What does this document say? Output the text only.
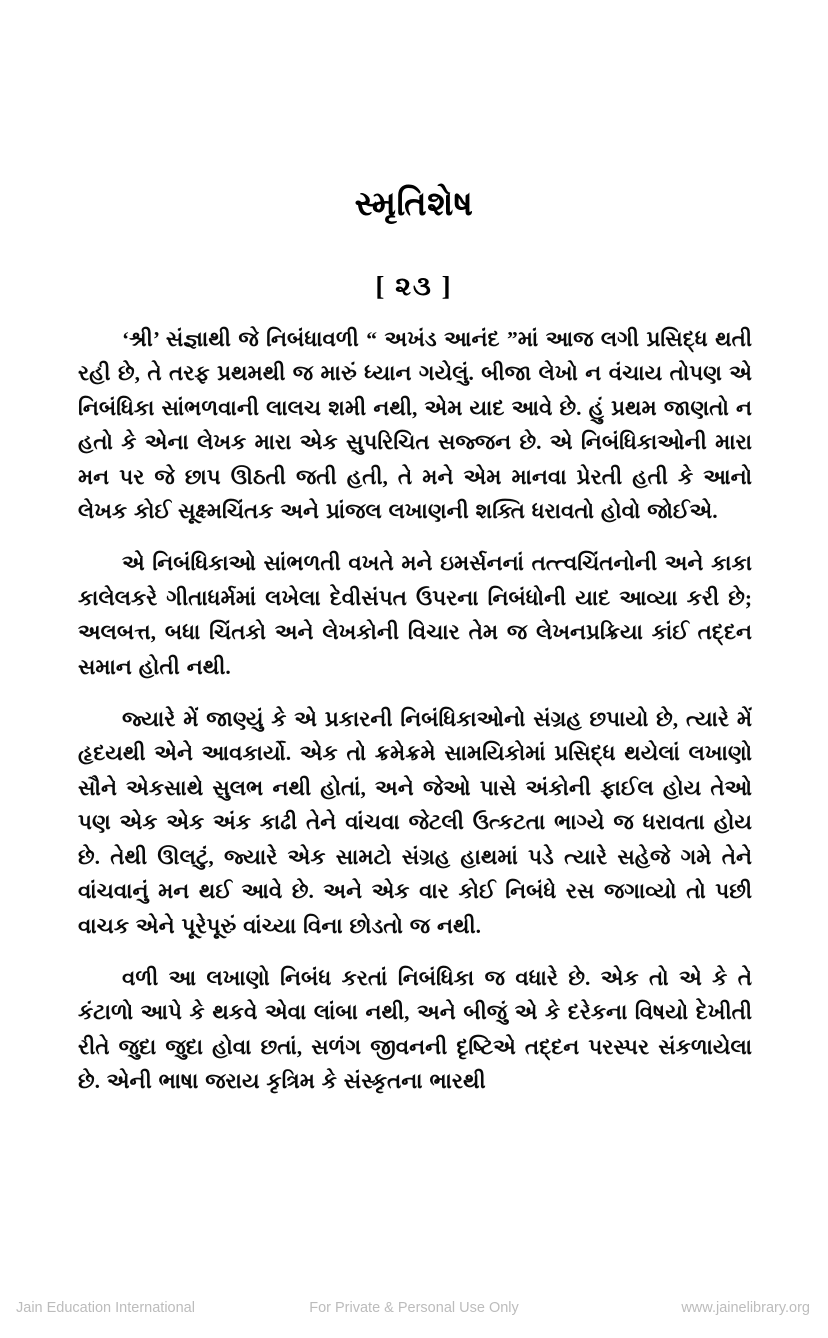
સ્મૃતિશેષ
[ ૨૩ ]

‘શ્રી’ સંજ્ઞાથી જે નિબંધાવળી “ અખંડ આનંદ ”માં આજ લગી પ્રસિદ્ધ થતી રહી છે, તે તરફ પ્રથમથી જ મારું ધ્યાન ગયેલું. બીજા લેખો ન વંચાય તોપણ એ નિબંધિકા સાંભળવાની લાલચ શમી નથી, એમ યાદ આવે છે. હું પ્રથમ જાણતો ન હતો કે એના લેખક મારા એક સુપરિચિત સજ્જન છે. એ નિબંધિકાઓની મારા મન પર જે છાપ ઊઠતી જતી હતી, તે મને એમ માનવા પ્રેરતી હતી કે આનો લેખક કોઈ સૂક્ષ્મચિંતક અને પ્રાંજલ લખાણની શક્તિ ધરાવતો હોવો જોઈએ.

એ નિબંધિકાઓ સાંભળતી વખતે મને ઇમર્સનનાં તત્ત્વચિંતનોની અને કાકા કાલેલકરે ગીતાધર્મમાં લખેલા દેવીસંપત ઉપરના નિબંધોની યાદ આવ્યા કરી છે; અલબત્ત, બધા ચિંતકો અને લેખકોની વિચાર તેમ જ લેખનપ્રક્રિયા કાંઈ તદ્દન સમાન હોતી નથી.

જ્યારે મેં જાણ્યું કે એ પ્રકારની નિબંધિકાઓનો સંગ્રહ છપાયો છે, ત્યારે મેં હૃદયથી એને આવકાર્યો. એક તો ક્રમેક્રમે સામયિકોમાં પ્રસિદ્ધ થયેલાં લખાણો સૌને એકસાથે સુલભ નથી હોતાં, અને જેઓ પાસે અંકોની ફાઈલ હોય તેઓ પણ એક એક અંક કાઢી તેને વાંચવા જેટલી ઉત્કટતા ભાગ્યે જ ધરાવતા હોય છે. તેથી ઊલટું, જ્યારે એક સામટો સંગ્રહ હાથમાં પડે ત્યારે સહેજે ગમે તેને વાંચવાનું મન થઈ આવે છે. અને એક વાર કોઈ નિબંધે રસ જગાવ્યો તો પછી વાચક એને પૂરેપૂરું વાંચ્યા વિના છોડતો જ નથી.

વળી આ લખાણો નિબંધ કરતાં નિબંધિકા જ વધારે છે. એક તો એ કે તે કંટાળો આપે કે થકવે એવા લાંબા નથી, અને બીજું એ કે દરેકના વિષયો દેખીતી રીતે જુદા જુદા હોવા છતાં, સળંગ જીવનની દૃષ્ટિએ તદ્દન પરસ્પર સંકળાયેલા છે. એની ભાષા જરાય કૃત્રિમ કે સંસ્કૃતના ભારથી

Jain Education International	For Private & Personal Use Only	www.jainelibrary.org
